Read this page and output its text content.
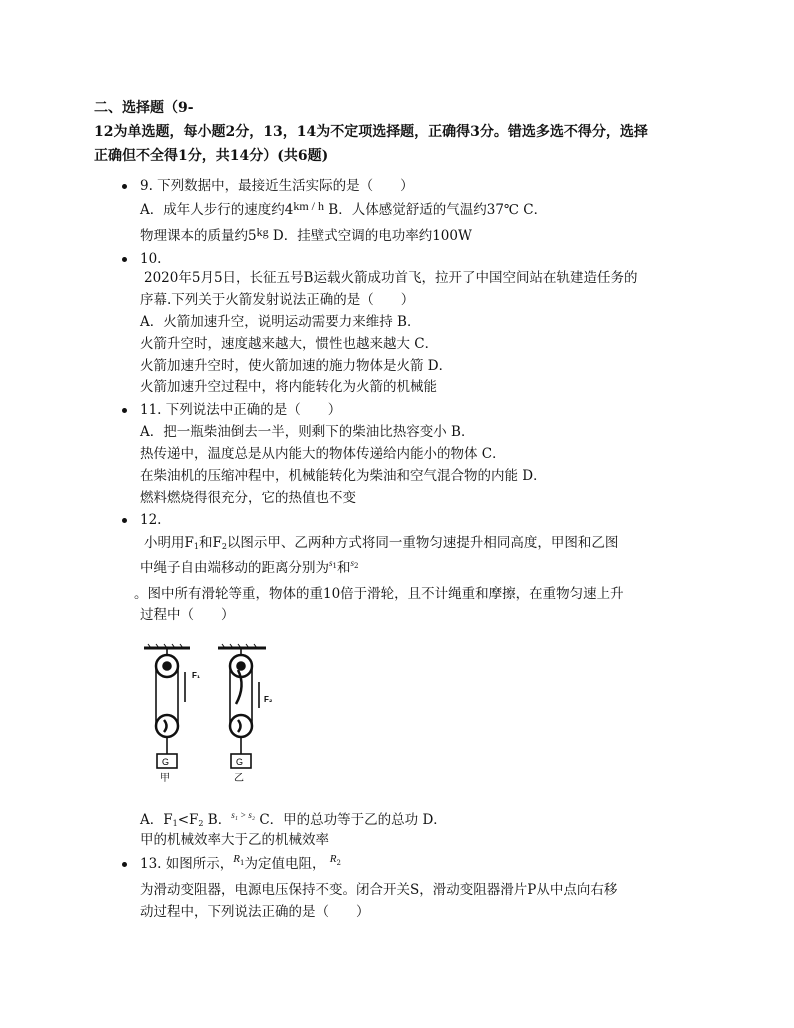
二、选择题（9-
12为单选题，每小题2分，13，14为不定项选择题，正确得3分。错选多选不得分，选择
正确但不全得1分，共14分）(共6题)
9. 下列数据中，最接近生活实际的是（　　）
A．成年人步行的速度约4km / h B．人体感觉舒适的气温约37℃ C．
物理课本的质量约5kg D．挂壁式空调的电功率约100W
10.
2020年5月5日，长征五号B运载火箭成功首飞，拉开了中国空间站在轨建造任务的
序幕.下列关于火箭发射说法正确的是（　　）
A．火箭加速升空，说明运动需要力来维持 B．
火箭升空时，速度越来越大，惯性也越来越大 C．
火箭加速升空时，使火箭加速的施力物体是火箭 D．
火箭加速升空过程中，将内能转化为火箭的机械能
11. 下列说法中正确的是（　　）
A．把一瓶柴油倒去一半，则剩下的柴油比热容变小 B．
热传递中，温度总是从内能大的物体传递给内能小的物体 C．
在柴油机的压缩冲程中，机械能转化为柴油和空气混合物的内能 D．
燃料燃烧得很充分，它的热值也不变
12.
小明用F1和F2以图示甲、乙两种方式将同一重物匀速提升相同高度，甲图和乙图
中绳子自由端移动的距离分别为$^{s1}$和$^{s2}$
。图中所有滑轮等重，物体的重10倍于滑轮，且不计绳重和摩擦，在重物匀速上升
过程中（　　）
F₁
G
甲
F₂
G
乙
A．F1<F2 B．$^{s_1 > s_2}$ C．甲的总功等于乙的总功 D．
甲的机械效率大于乙的机械效率
13. 如图所示，$^{R1}$为定值电阻， $^{R2}$
为滑动变阻器，电源电压保持不变。闭合开关S，滑动变阻器滑片P从中点向右移
动过程中，下列说法正确的是（　　）
